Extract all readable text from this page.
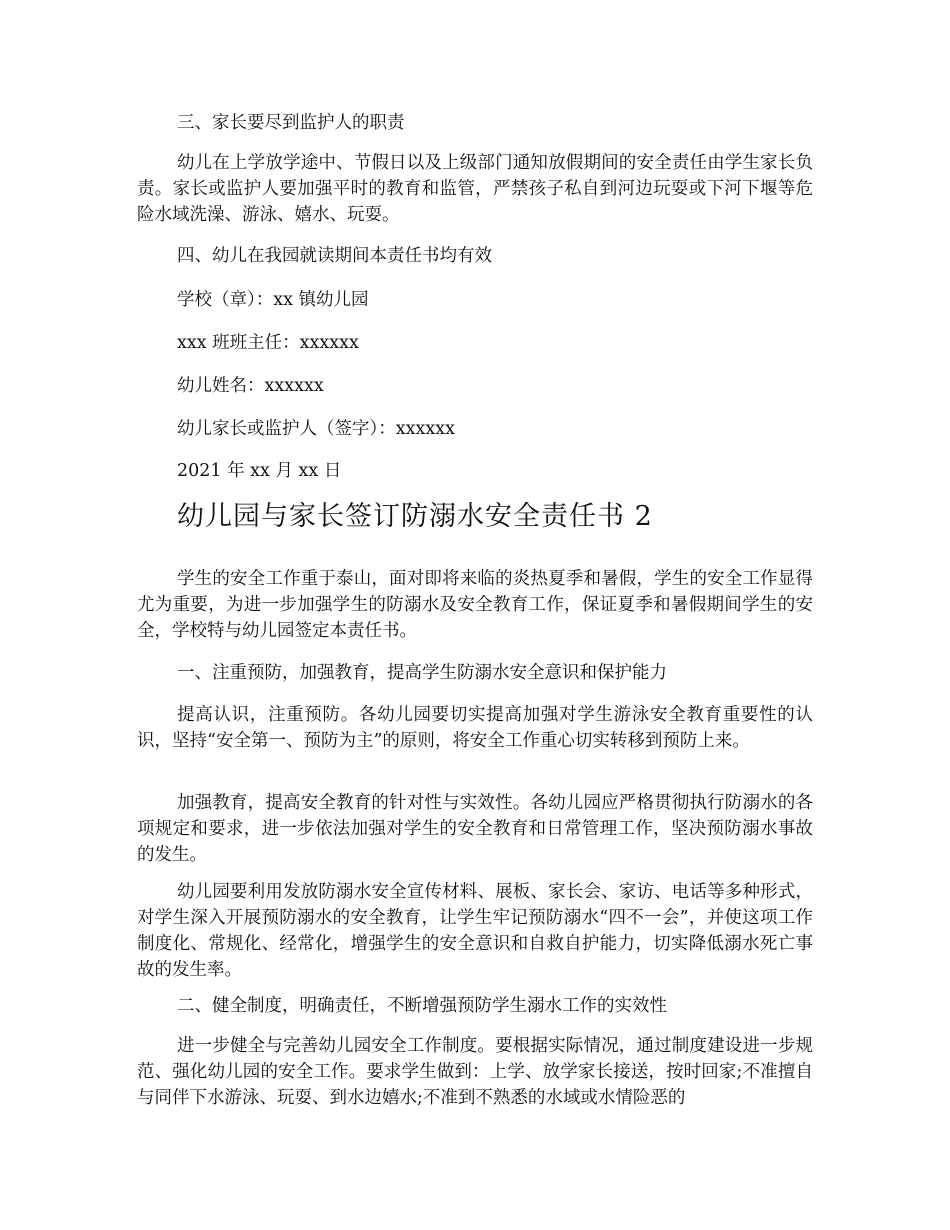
三、家长要尽到监护人的职责

幼儿在上学放学途中、节假日以及上级部门通知放假期间的安全责任由学生家长负责。家长或监护人要加强平时的教育和监管，严禁孩子私自到河边玩耍或下河下堰等危险水域洗澡、游泳、嬉水、玩耍。

四、幼儿在我园就读期间本责任书均有效

学校（章）：xx 镇幼儿园

xxx 班班主任：xxxxxx

幼儿姓名：xxxxxx

幼儿家长或监护人（签字）：xxxxxx

2021 年 xx 月 xx 日

幼儿园与家长签订防溺水安全责任书 2

学生的安全工作重于泰山，面对即将来临的炎热夏季和暑假，学生的安全工作显得尤为重要，为进一步加强学生的防溺水及安全教育工作，保证夏季和暑假期间学生的安全，学校特与幼儿园签定本责任书。

一、注重预防，加强教育，提高学生防溺水安全意识和保护能力

提高认识，注重预防。各幼儿园要切实提高加强对学生游泳安全教育重要性的认识，坚持“安全第一、预防为主”的原则，将安全工作重心切实转移到预防上来。

加强教育，提高安全教育的针对性与实效性。各幼儿园应严格贯彻执行防溺水的各项规定和要求，进一步依法加强对学生的安全教育和日常管理工作，坚决预防溺水事故的发生。

幼儿园要利用发放防溺水安全宣传材料、展板、家长会、家访、电话等多种形式，对学生深入开展预防溺水的安全教育，让学生牢记预防溺水“四不一会”，并使这项工作制度化、常规化、经常化，增强学生的安全意识和自救自护能力，切实降低溺水死亡事故的发生率。

二、健全制度，明确责任，不断增强预防学生溺水工作的实效性

进一步健全与完善幼儿园安全工作制度。要根据实际情况，通过制度建设进一步规范、强化幼儿园的安全工作。要求学生做到：上学、放学家长接送，按时回家;不准擅自与同伴下水游泳、玩耍、到水边嬉水;不准到不熟悉的水域或水情险恶的
